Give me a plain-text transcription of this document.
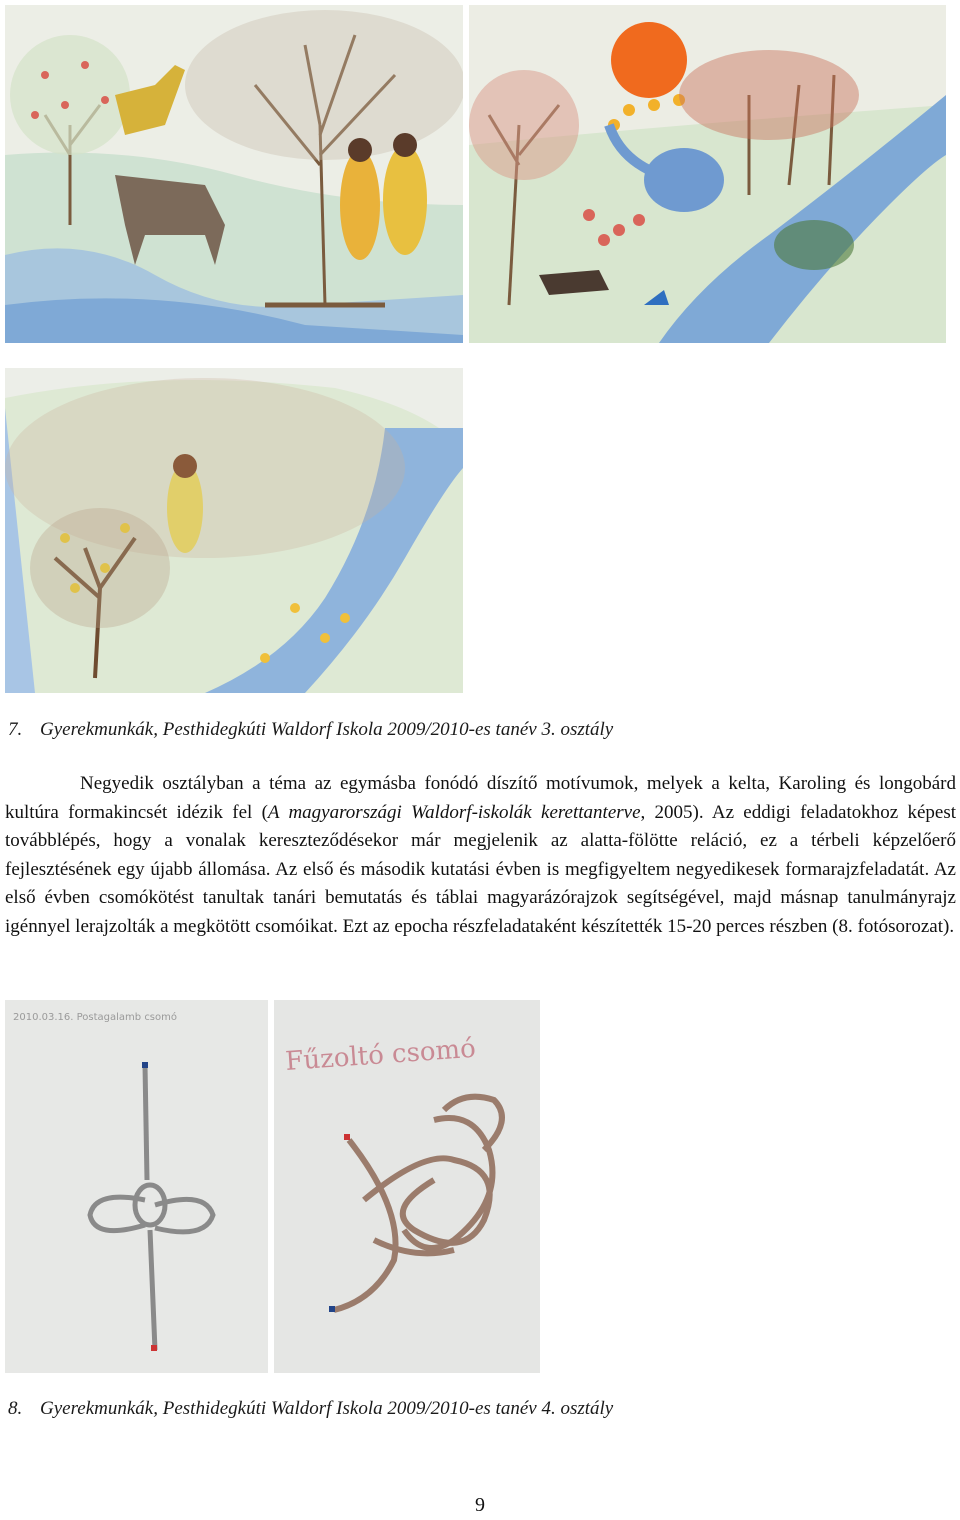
7. Gyerekmunkák, Pesthidegkúti Waldorf Iskola 2009/2010-es tanév 3. osztály

Negyedik osztályban a téma az egymásba fonódó díszítő motívumok, melyek a kelta, Karoling és longobárd kultúra formakincsét idézik fel (A magyarországi Waldorf-iskolák kerettanterve, 2005). Az eddigi feladatokhoz képest továbblépés, hogy a vonalak kereszteződésekor már megjelenik az alatta-fölötte reláció, ez a térbeli képzelőerő fejlesztésének egy újabb állomása. Az első és második kutatási évben is megfigyeltem negyedikesek formarajzfeladatát. Az első évben csomókötést tanultak tanári bemutatás és táblai magyarázórajzok segítségével, majd másnap tanulmányrajz igénnyel lerajzolták a megkötött csomóikat. Ezt az epocha részfeladataként készítették 15-20 perces részben (8. fotósorozat).

2010.03.16. Postagalamb csomó
Fűzoltó csomó
8. Gyerekmunkák, Pesthidegkúti Waldorf Iskola 2009/2010-es tanév 4. osztály
9
